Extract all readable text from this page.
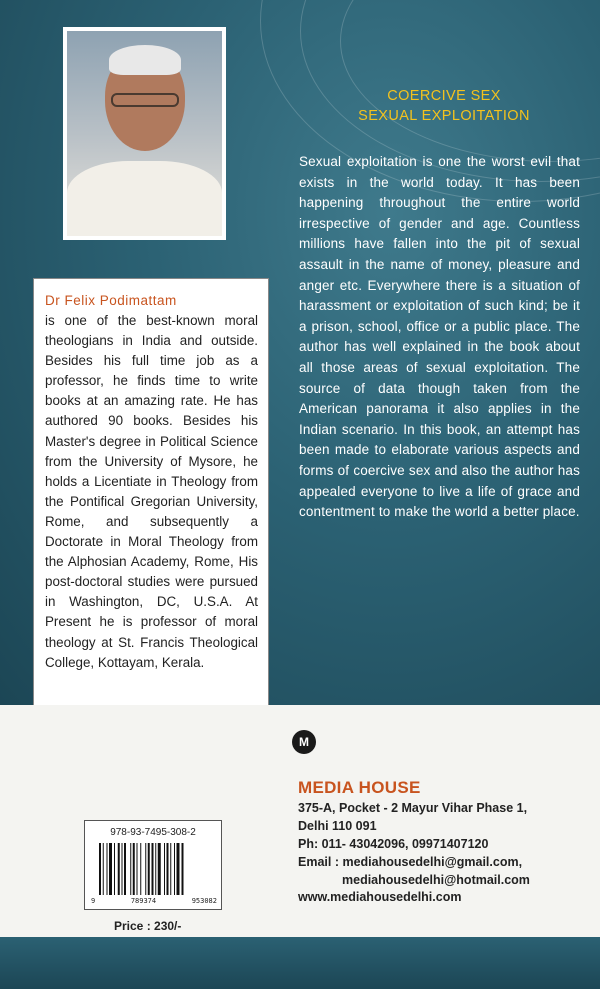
Dr Felix Podimattam

is one of the best-known moral theologians in India and outside. Besides his full time job as a professor, he finds time to write books at an amazing rate. He has authored 90 books. Besides his Master's degree in Political Science from the University of Mysore, he holds a Licentiate in Theology from the Pontifical Gregorian University, Rome, and subsequently a Doctorate in Moral Theology from the Alphosian Academy, Rome, His post-doctoral studies were pursued in Washington, DC, U.S.A. At Present he is professor of moral theology at St. Francis Theological College, Kottayam, Kerala.

COERCIVE SEX
SEXUAL EXPLOITATION

Sexual exploitation is one the worst evil that exists in the world today. It has been happening throughout the entire world irrespective of gender and age. Countless millions have fallen into the pit of sexual assault in the name of money, pleasure and anger etc. Everywhere there is a situation of harassment or exploitation of such kind; be it a prison, school, office or a public place. The author has well explained in the book about all those areas of sexual exploitation. The source of data though taken from the American panorama it also applies in the Indian scenario. In this book, an attempt has been made to elaborate various aspects and forms of coercive sex and also the author has appealed everyone to live a life of grace and contentment to make the world a better place.

M
MEDIA HOUSE
375-A, Pocket - 2 Mayur Vihar Phase 1,
Delhi 110 091
Ph: 011- 43042096, 09971407120
Email : mediahousedelhi@gmail.com,
mediahousedelhi@hotmail.com
www.mediahousedelhi.com
978-93-7495-308-2
9	789374	953082
Price : 230/-
